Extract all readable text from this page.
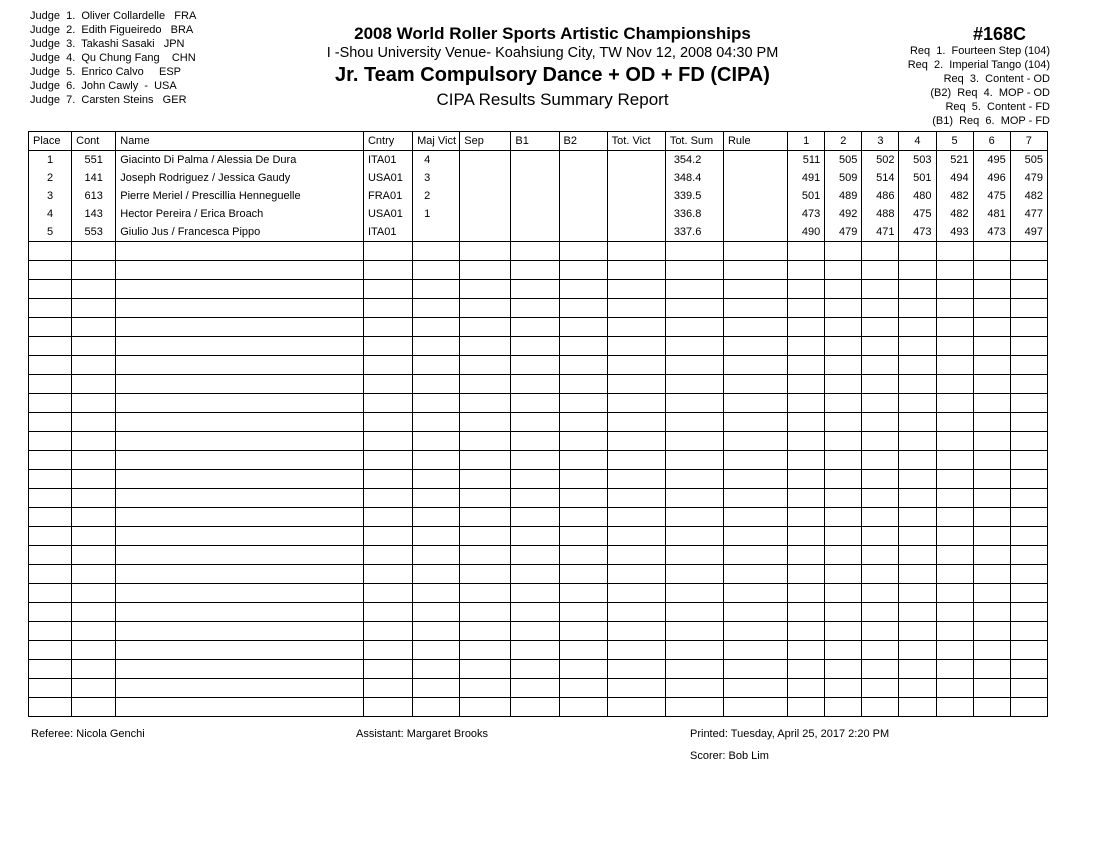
Judge  1.  Oliver Collardelle   FRA
Judge  2.  Edith Figueiredo   BRA
Judge  3.  Takashi Sasaki   JPN
Judge  4.  Qu Chung Fang    CHN
Judge  5.  Enrico Calvo     ESP
Judge  6.  John Cawly  -  USA
Judge  7.  Carsten Steins   GER
2008 World Roller Sports Artistic Championships
I -Shou University Venue- Koahsiung City, TW Nov 12, 2008 04:30 PM
Jr. Team Compulsory Dance + OD + FD (CIPA)
CIPA Results Summary Report
#168C
Req  1.  Fourteen Step (104)
Req  2.  Imperial Tango (104)
Req  3.  Content - OD
(B2)  Req  4.  MOP - OD
Req  5.  Content - FD
(B1)  Req  6.  MOP - FD
Place	Cont	Name	Cntry	Maj Vict	Sep	B1	B2	Tot. Vict	Tot. Sum	Rule	1	2	3	4	5	6	7
1	551	Giacinto Di Palma / Alessia De Dura	ITA01	4					354.2		511	505	502	503	521	495	505
2	141	Joseph Rodriguez / Jessica Gaudy	USA01	3					348.4		491	509	514	501	494	496	479
3	613	Pierre Meriel / Prescillia Henneguelle	FRA01	2					339.5		501	489	486	480	482	475	482
4	143	Hector Pereira / Erica Broach	USA01	1					336.8		473	492	488	475	482	481	477
5	553	Giulio Jus / Francesca Pippo	ITA01						337.6		490	479	471	473	493	473	497

Referee: Nicola Genchi	Assistant: Margaret Brooks	Printed: Tuesday, April 25, 2017 2:20 PM
Scorer: Bob Lim
